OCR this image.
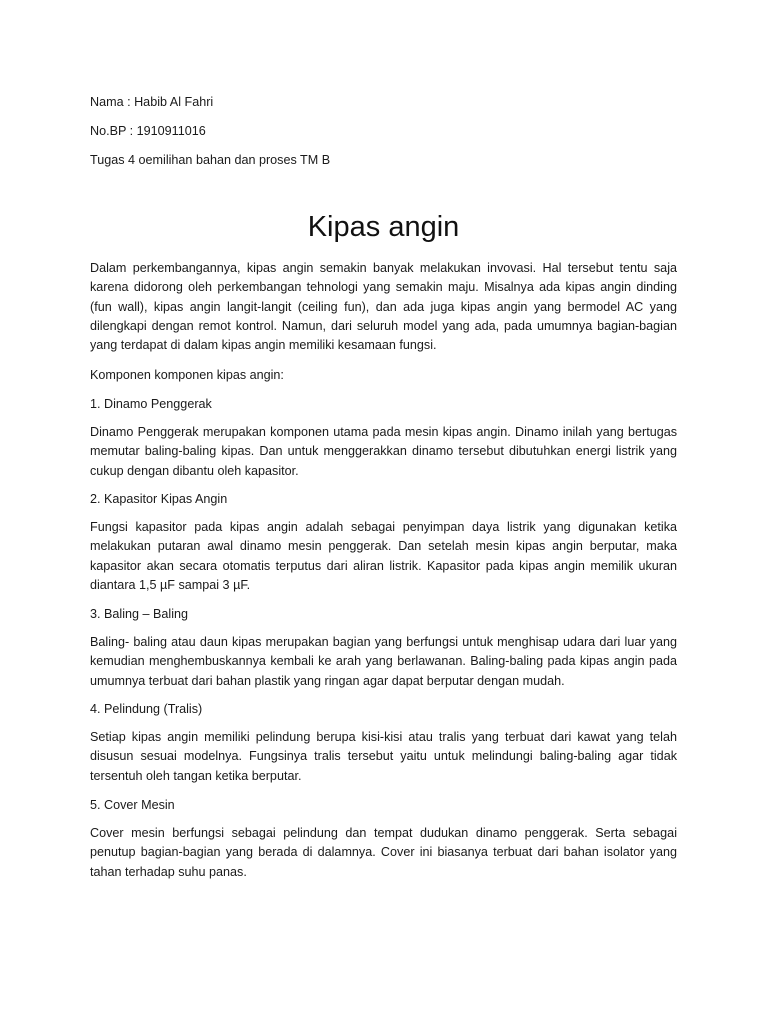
Nama : Habib Al Fahri
No.BP : 1910911016
Tugas 4 oemilihan bahan dan proses TM B
Kipas angin
Dalam perkembangannya, kipas angin semakin banyak melakukan invovasi. Hal tersebut tentu saja
karena didorong oleh perkembangan tehnologi yang semakin maju. Misalnya ada kipas angin dinding
(fun wall), kipas angin langit-langit (ceiling fun), dan ada juga kipas angin yang bermodel AC yang
dilengkapi dengan remot kontrol. Namun, dari seluruh model yang ada, pada umumnya bagian-bagian
yang terdapat di dalam kipas angin memiliki kesamaan fungsi.
Komponen komponen kipas angin:
1. Dinamo Penggerak
Dinamo Penggerak merupakan komponen utama pada mesin kipas angin. Dinamo inilah yang bertugas
memutar baling-baling kipas. Dan untuk menggerakkan dinamo tersebut dibutuhkan energi listrik yang
cukup dengan dibantu oleh kapasitor.
2. Kapasitor Kipas Angin
Fungsi kapasitor pada kipas angin adalah sebagai penyimpan daya listrik yang digunakan ketika
melakukan putaran awal dinamo mesin penggerak. Dan setelah mesin kipas angin berputar, maka
kapasitor akan secara otomatis terputus dari aliran listrik. Kapasitor pada kipas angin memilik ukuran
diantara 1,5 µF sampai 3 µF.
3. Baling – Baling
Baling- baling atau daun kipas merupakan bagian yang berfungsi untuk menghisap udara dari luar yang
kemudian menghembuskannya kembali ke arah yang berlawanan. Baling-baling pada kipas angin pada
umumnya terbuat dari bahan plastik yang ringan agar dapat berputar dengan mudah.
4. Pelindung (Tralis)
Setiap kipas angin memiliki pelindung berupa kisi-kisi atau tralis yang terbuat dari kawat yang telah
disusun sesuai modelnya. Fungsinya tralis tersebut yaitu untuk melindungi baling-baling agar tidak
tersentuh oleh tangan ketika berputar.
5. Cover Mesin
Cover mesin berfungsi sebagai pelindung dan tempat dudukan dinamo penggerak. Serta sebagai
penutup bagian-bagian yang berada di dalamnya. Cover ini biasanya terbuat dari bahan isolator yang
tahan terhadap suhu panas.
